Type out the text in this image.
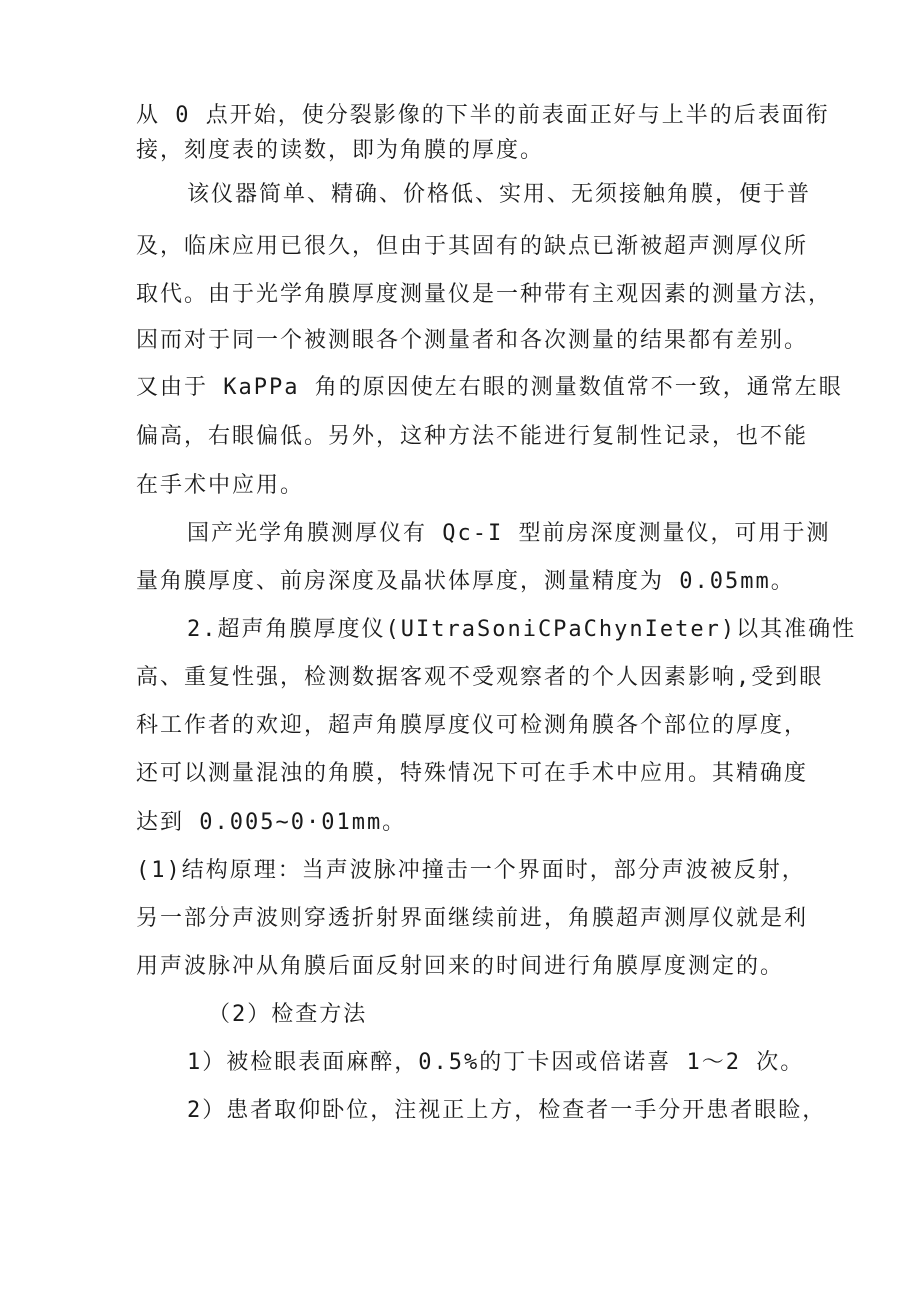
从 0 点开始，使分裂影像的下半的前表面正好与上半的后表面衔
接，刻度表的读数，即为角膜的厚度。
该仪器简单、精确、价格低、实用、无须接触角膜，便于普
及，临床应用已很久，但由于其固有的缺点已渐被超声测厚仪所
取代。由于光学角膜厚度测量仪是一种带有主观因素的测量方法，
因而对于同一个被测眼各个测量者和各次测量的结果都有差别。
又由于 KaPPa 角的原因使左右眼的测量数值常不一致，通常左眼
偏高，右眼偏低。另外，这种方法不能进行复制性记录，也不能
在手术中应用。
国产光学角膜测厚仪有 Qc-I 型前房深度测量仪，可用于测
量角膜厚度、前房深度及晶状体厚度，测量精度为 0.05mm。
2.超声角膜厚度仪(UItraSoniCPaChynIeter)以其准确性
高、重复性强，检测数据客观不受观察者的个人因素影响,受到眼
科工作者的欢迎，超声角膜厚度仪可检测角膜各个部位的厚度，
还可以测量混浊的角膜，特殊情况下可在手术中应用。其精确度
达到 0.005~0·01mm。
(1)结构原理：当声波脉冲撞击一个界面时，部分声波被反射，
另一部分声波则穿透折射界面继续前进，角膜超声测厚仪就是利
用声波脉冲从角膜后面反射回来的时间进行角膜厚度测定的。
（2）检查方法
1）被检眼表面麻醉，0.5%的丁卡因或倍诺喜 1～2 次。
2）患者取仰卧位，注视正上方，检查者一手分开患者眼睑，
